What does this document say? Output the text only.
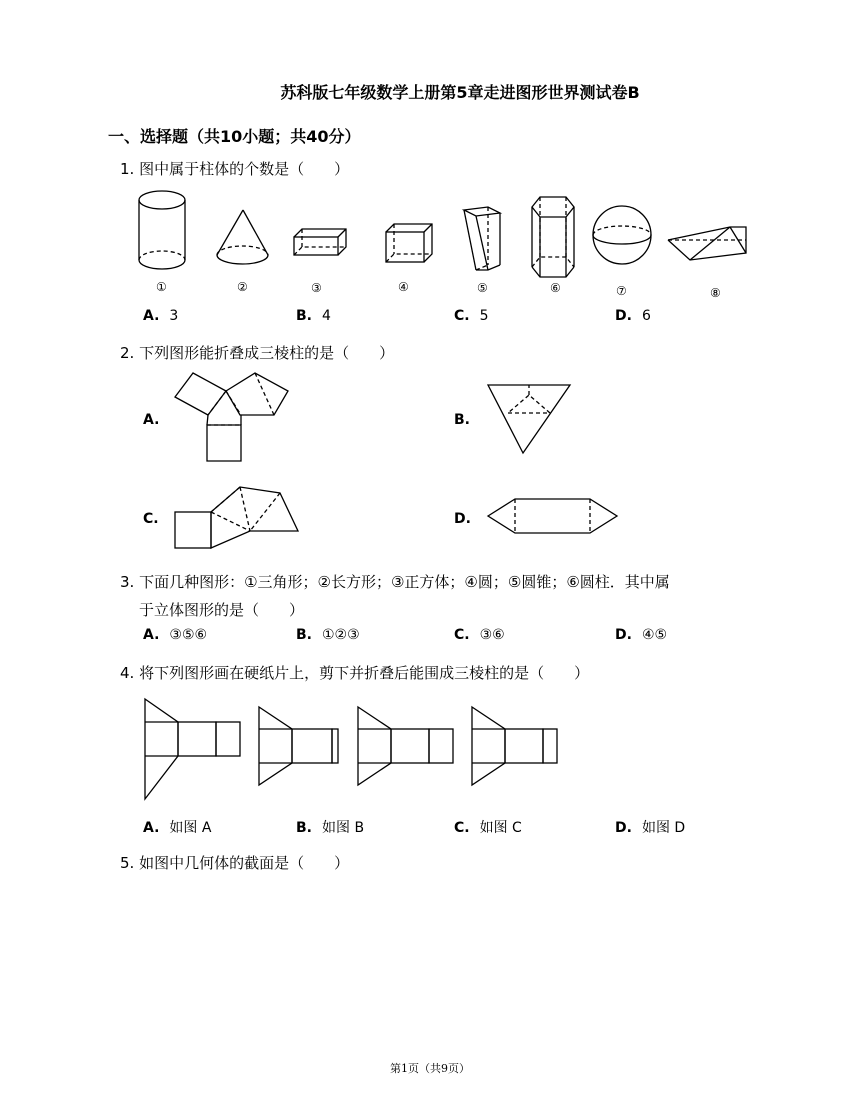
苏科版七年级数学上册第5章走进图形世界测试卷B
一、选择题（共10小题；共40分）
1. 图中属于柱体的个数是（　　）
①	②	③	④	⑤	⑥	⑦	⑧
A. 3	B. 4	C. 5	D. 6
2. 下列图形能折叠成三棱柱的是（　　）
A.	B.
C.	D.
3. 下面几种图形：①三角形；②长方形；③正方体；④圆；⑤圆锥；⑥圆柱．其中属
于立体图形的是（　　）
A. ③⑤⑥	B. ①②③	C. ③⑥	D. ④⑤
4. 将下列图形画在硬纸片上，剪下并折叠后能围成三棱柱的是（　　）
A. 如图 A	B. 如图 B	C. 如图 C	D. 如图 D
5. 如图中几何体的截面是（　　）
第1页（共9页）
